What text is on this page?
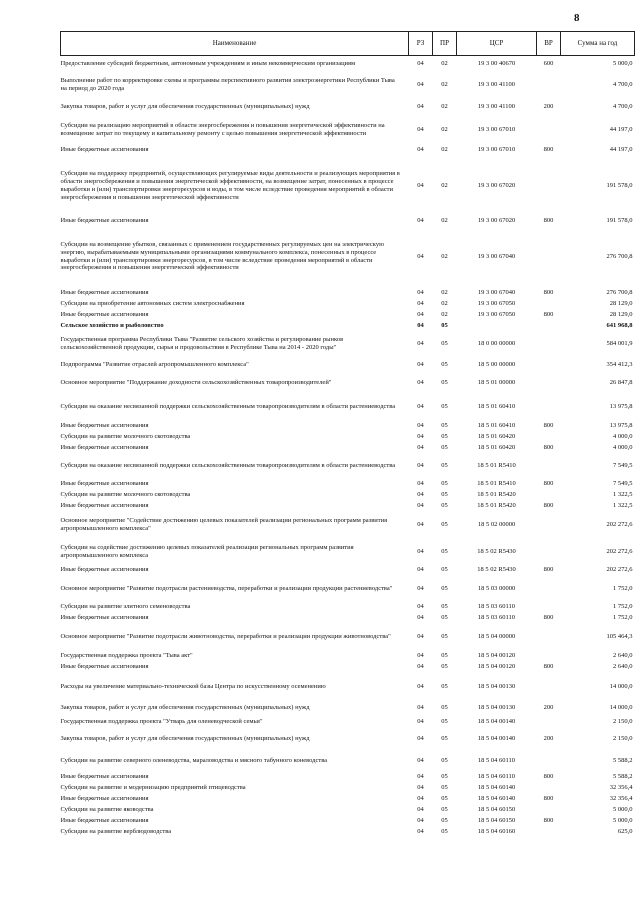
8
Наименование	РЗ	ПР	ЦСР	ВР	Сумма на год
Предоставление субсидий бюджетным, автономным учреждениям и иным некоммерческим организациям	04	02	19 3 00 40670	600	5 000,0
Выполнение работ по корректировке схемы и программы перспективного развития электроэнергетики Республики Тыва на период до 2020 года	04	02	19 3 00 41100		4 700,0
Закупка товаров, работ и услуг для обеспечения государственных (муниципальных) нужд	04	02	19 3 00 41100	200	4 700,0
Субсидии на реализацию мероприятий в области энергосбережения и повышения энергетической эффективности на возмещение затрат по текущему и капитальному ремонту с целью повышения энергетической эффективности	04	02	19 3 00 67010		44 197,0
Иные бюджетные ассигнования	04	02	19 3 00 67010	800	44 197,0
Субсидии на поддержку предприятий, осуществляющих регулируемые виды деятельности и реализующих мероприятия в области энергосбережения и повышения энергетической эффективности, на возмещение затрат, понесенных в процессе выработки и (или) транспортировки энергоресурсов и воды, в том числе вследствие проведения мероприятий в области энергосбережения и повышения энергетической эффективности	04	02	19 3 00 67020		191 578,0
Иные бюджетные ассигнования	04	02	19 3 00 67020	800	191 578,0
Субсидии на возмещение убытков, связанных с применением государственных регулируемых цен на электрическую энергию, вырабатываемыми муниципальными организациями коммунального комплекса, понесенных в процессе выработки и (или) транспортировки энергоресурсов, в том числе вследствие проведения мероприятий в области энергосбережения и повышения энергетической эффективности	04	02	19 3 00 67040		276 700,8
Иные бюджетные ассигнования	04	02	19 3 00 67040	800	276 700,8
Субсидии на приобретение автономных систем электроснабжения	04	02	19 3 00 67050		28 129,0
Иные бюджетные ассигнования	04	02	19 3 00 67050	800	28 129,0
Сельское хозяйство и рыболовство	04	05			641 968,8
Государственная программа Республики Тыва "Развитие сельского хозяйства и регулирование рынков сельскохозяйственной продукции, сырья и продовольствия в Республике Тыва на 2014 - 2020 годы"	04	05	18 0 00 00000		584 001,9
Подпрограмма "Развитие отраслей агропромышленного комплекса"	04	05	18 5 00 00000		354 412,3
Основное мероприятие "Поддержание доходности сельскохозяйственных товаропроизводителей"	04	05	18 5 01 00000		26 847,8
Субсидии на оказание несвязанной поддержки сельскохозяйственным товаропроизводителям в области растениеводства	04	05	18 5 01 60410		13 975,8
Иные бюджетные ассигнования	04	05	18 5 01 60410	800	13 975,8
Субсидии на развитие молочного скотоводства	04	05	18 5 01 60420		4 000,0
Иные бюджетные ассигнования	04	05	18 5 01 60420	800	4 000,0
Субсидии на оказание несвязанной поддержки сельскохозяйственным товаропроизводителям в области растениеводства	04	05	18 5 01 R5410		7 549,5
Иные бюджетные ассигнования	04	05	18 5 01 R5410	800	7 549,5
Субсидии на развитие молочного скотоводства	04	05	18 5 01 R5420		1 322,5
Иные бюджетные ассигнования	04	05	18 5 01 R5420	800	1 322,5
Основное мероприятие "Содействие достижению целевых показателей реализации региональных программ развития агропромышленного комплекса"	04	05	18 5 02 00000		202 272,6
Субсидии на содействие достижению целевых показателей реализации региональных программ развития агропромышленного комплекса	04	05	18 5 02 R5430		202 272,6
Иные бюджетные ассигнования	04	05	18 5 02 R5430	800	202 272,6
Основное мероприятие "Развитие подотрасли растениеводства, переработки и реализации продукции растениеводства"	04	05	18 5 03 00000		1 752,0
Субсидии на развитие элитного семеноводства	04	05	18 5 03 60110		1 752,0
Иные бюджетные ассигнования	04	05	18 5 03 60110	800	1 752,0
Основное мероприятие "Развитие подотрасли животноводства, переработки и реализации продукции животноводства"	04	05	18 5 04 00000		105 464,3
Государственная поддержка проекта "Тыва акт"	04	05	18 5 04 00120		2 640,0
Иные бюджетные ассигнования	04	05	18 5 04 00120	800	2 640,0
Расходы на увеличение материально-технической базы Центра по искусственному осеменению	04	05	18 5 04 00130		14 000,0
Закупка товаров, работ и услуг для обеспечения государственных (муниципальных) нужд	04	05	18 5 04 00130	200	14 000,0
Государственная поддержка проекта "Утварь для оленеводческой семьи"	04	05	18 5 04 00140		2 150,0
Закупка товаров, работ и услуг для обеспечения государственных (муниципальных) нужд	04	05	18 5 04 00140	200	2 150,0
Субсидии на развитие северного оленеводства, мараловодства и мясного табунного коневодства	04	05	18 5 04 60110		5 588,2
Иные бюджетные ассигнования	04	05	18 5 04 60110	800	5 588,2
Субсидии на развитие и модернизацию предприятий птицеводства	04	05	18 5 04 60140		32 356,4
Иные бюджетные ассигнования	04	05	18 5 04 60140	800	32 356,4
Субсидии на развитие яководства	04	05	18 5 04 60150		5 000,0
Иные бюджетные ассигнования	04	05	18 5 04 60150	800	5 000,0
Субсидии на развитие верблюдоводства	04	05	18 5 04 60160		625,0
